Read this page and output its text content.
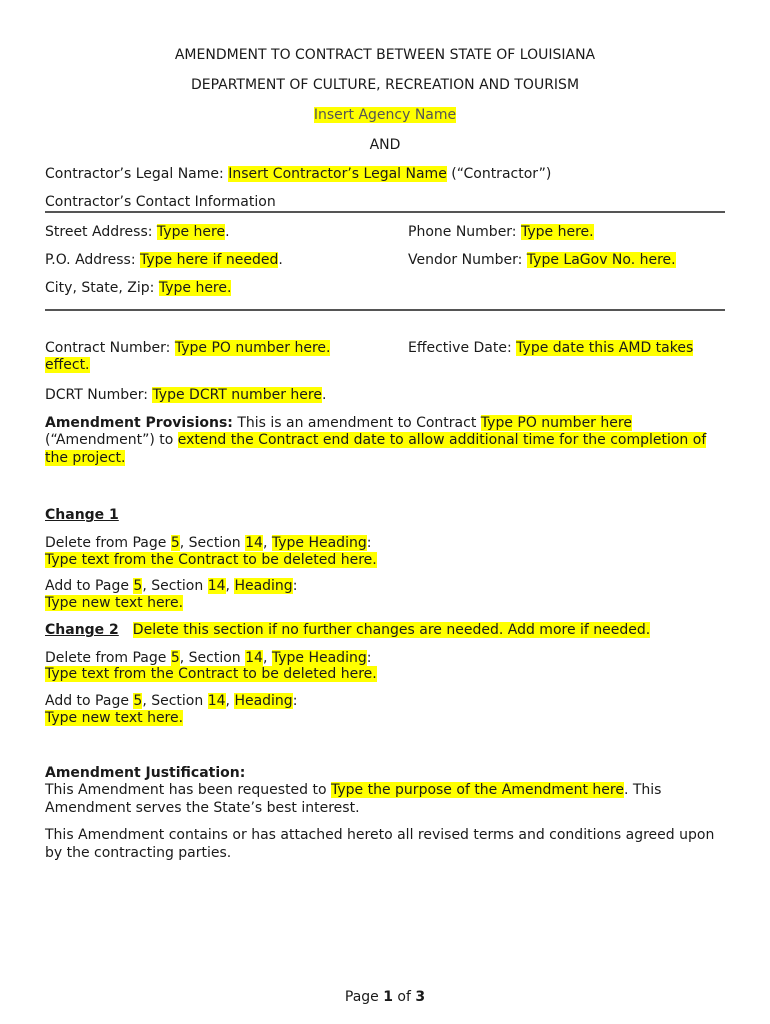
AMENDMENT TO CONTRACT BETWEEN STATE OF LOUISIANA
DEPARTMENT OF CULTURE, RECREATION AND TOURISM
Insert Agency Name
AND
Contractor’s Legal Name: Insert Contractor’s Legal Name (“Contractor”)
Contractor’s Contact Information
Street Address: Type here.	Phone Number: Type here.
P.O. Address: Type here if needed.	Vendor Number: Type LaGov No. here.
City, State, Zip: Type here.
Contract Number: Type PO number here.
effect.
Effective Date: Type date this AMD takes
DCRT Number: Type DCRT number here.
Amendment Provisions: This is an amendment to Contract Type PO number here
(“Amendment”) to extend the Contract end date to allow additional time for the completion of
the project.
Change 1
Delete from Page 5, Section 14, Type Heading:
Type text from the Contract to be deleted here.
Add to Page 5, Section 14, Heading:
Type new text here.
Change 2 Delete this section if no further changes are needed. Add more if needed.
Delete from Page 5, Section 14, Type Heading:
Type text from the Contract to be deleted here.
Add to Page 5, Section 14, Heading:
Type new text here.
Amendment Justification:
This Amendment has been requested to Type the purpose of the Amendment here. This
Amendment serves the State’s best interest.
This Amendment contains or has attached hereto all revised terms and conditions agreed upon
by the contracting parties.
Page 1 of 3
